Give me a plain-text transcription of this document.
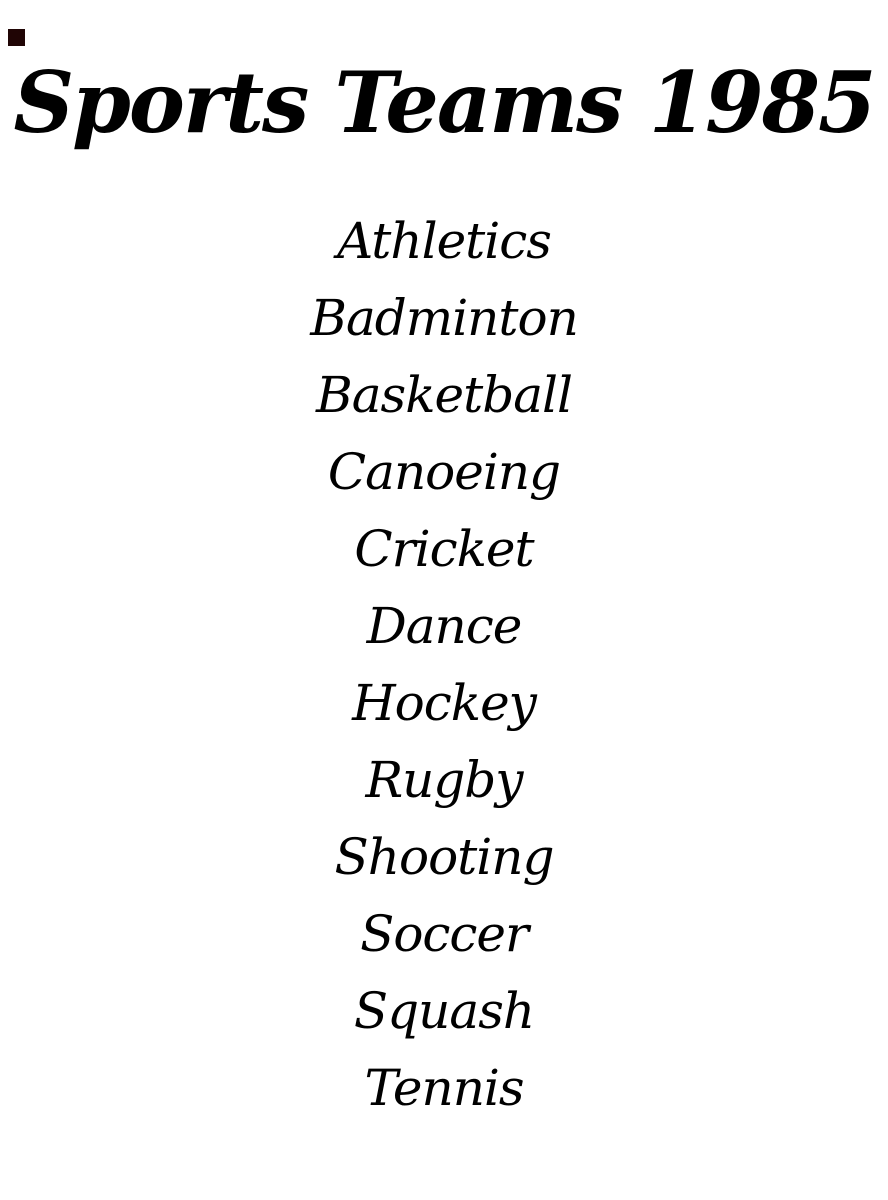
Sports Teams 1985
Athletics
Badminton
Basketball
Canoeing
Cricket
Dance
Hockey
Rugby
Shooting
Soccer
Squash
Tennis
